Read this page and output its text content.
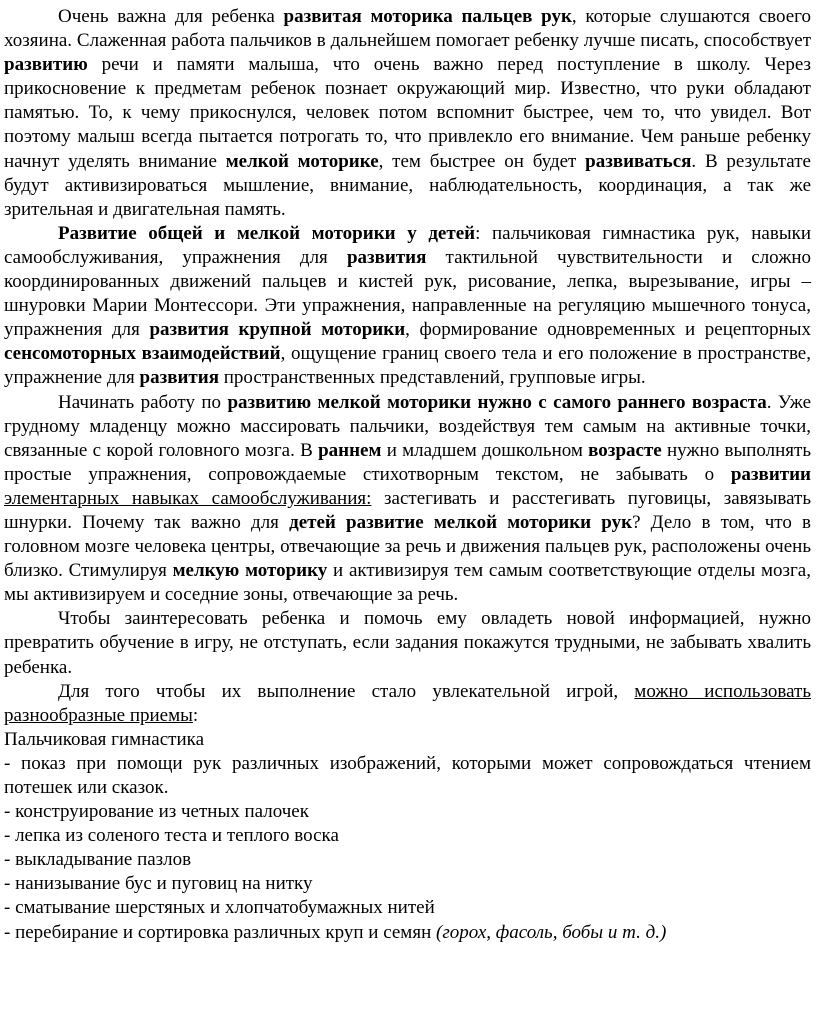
Очень важна для ребенка развитая моторика пальцев рук, которые слушаются своего хозяина. Слаженная работа пальчиков в дальнейшем помогает ребенку лучше писать, способствует развитию речи и памяти малыша, что очень важно перед поступление в школу. Через прикосновение к предметам ребенок познает окружающий мир. Известно, что руки обладают памятью. То, к чему прикоснулся, человек потом вспомнит быстрее, чем то, что увидел. Вот поэтому малыш всегда пытается потрогать то, что привлекло его внимание. Чем раньше ребенку начнут уделять внимание мелкой моторике, тем быстрее он будет развиваться. В результате будут активизироваться мышление, внимание, наблюдательность, координация, а так же зрительная и двигательная память.

Развитие общей и мелкой моторики у детей: пальчиковая гимнастика рук, навыки самообслуживания, упражнения для развития тактильной чувствительности и сложно координированных движений пальцев и кистей рук, рисование, лепка, вырезывание, игры – шнуровки Марии Монтессори. Эти упражнения, направленные на регуляцию мышечного тонуса, упражнения для развития крупной моторики, формирование одновременных и рецепторных сенсомоторных взаимодействий, ощущение границ своего тела и его положение в пространстве, упражнение для развития пространственных представлений, групповые игры.

Начинать работу по развитию мелкой моторики нужно с самого раннего возраста. Уже грудному младенцу можно массировать пальчики, воздействуя тем самым на активные точки, связанные с корой головного мозга. В раннем и младшем дошкольном возрасте нужно выполнять простые упражнения, сопровождаемые стихотворным текстом, не забывать о развитии элементарных навыках самообслуживания: застегивать и расстегивать пуговицы, завязывать шнурки. Почему так важно для детей развитие мелкой моторики рук? Дело в том, что в головном мозге человека центры, отвечающие за речь и движения пальцев рук, расположены очень близко. Стимулируя мелкую моторику и активизируя тем самым соответствующие отделы мозга, мы активизируем и соседние зоны, отвечающие за речь.

Чтобы заинтересовать ребенка и помочь ему овладеть новой информацией, нужно превратить обучение в игру, не отступать, если задания покажутся трудными, не забывать хвалить ребенка.

Для того чтобы их выполнение стало увлекательной игрой, можно использовать разнообразные приемы:

Пальчиковая гимнастика

- показ при помощи рук различных изображений, которыми может сопровождаться чтением потешек или сказок.

- конструирование из четных палочек

- лепка из соленого теста и теплого воска

- выкладывание пазлов

- нанизывание бус и пуговиц на нитку

- сматывание шерстяных и хлопчатобумажных нитей

- перебирание и сортировка различных круп и семян (горох, фасоль, бобы и т. д.)
